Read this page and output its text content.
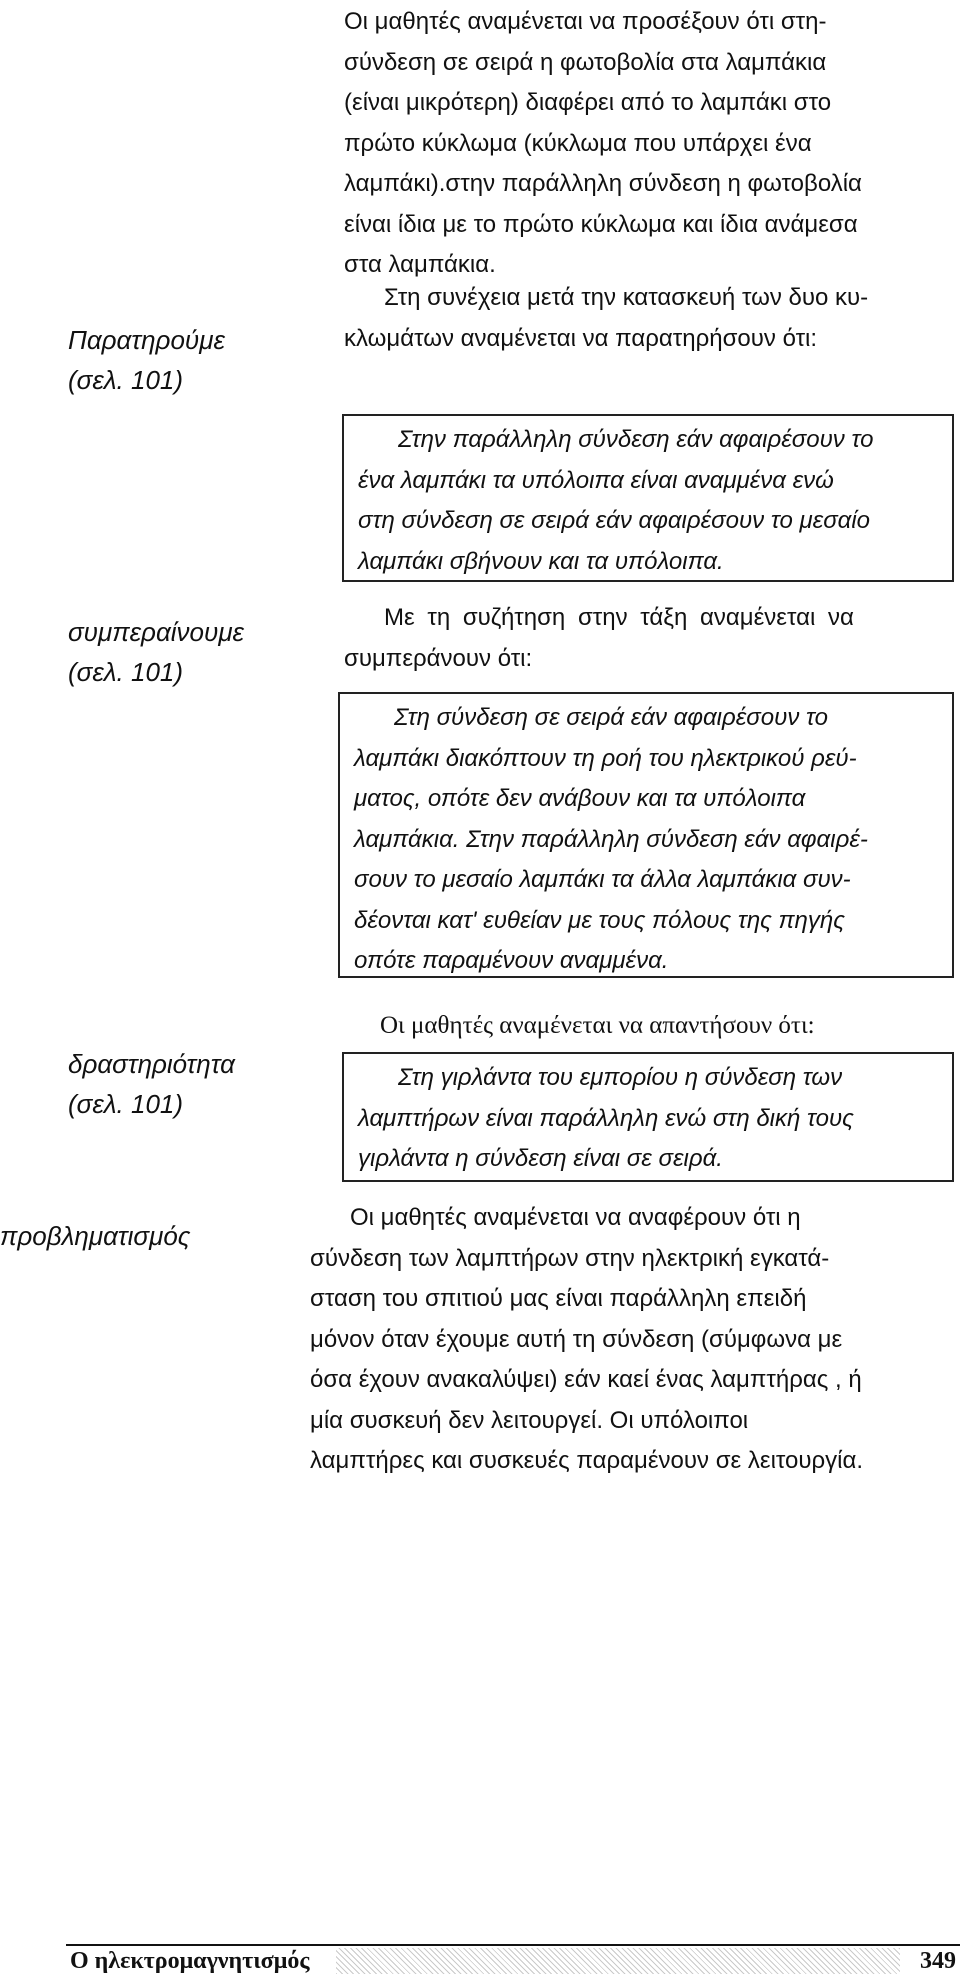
Παρατηρούμε
(σελ. 101)
συμπεραίνουμε
(σελ. 101)
δραστηριότητα
(σελ. 101)
προβληματισμός
Οι μαθητές αναμένεται να προσέξουν ότι στη-
σύνδεση σε σειρά η φωτοβολία στα λαμπάκια
(είναι μικρότερη) διαφέρει από το λαμπάκι στο
πρώτο κύκλωμα (κύκλωμα που υπάρχει ένα
λαμπάκι).στην παράλληλη σύνδεση η φωτοβολία
είναι ίδια με το πρώτο κύκλωμα και ίδια ανάμεσα
στα λαμπάκια.
Στη συνέχεια μετά την κατασκευή των δυο κυ-
κλωμάτων αναμένεται να παρατηρήσουν ότι:
Στην παράλληλη σύνδεση εάν αφαιρέσουν το
ένα λαμπάκι τα υπόλοιπα είναι αναμμένα ενώ
στη σύνδεση σε σειρά εάν αφαιρέσουν το μεσαίο
λαμπάκι σβήνουν και τα υπόλοιπα.
Με τη συζήτηση στην τάξη αναμένεται να
συμπεράνουν ότι:
Στη σύνδεση σε σειρά εάν αφαιρέσουν το
λαμπάκι διακόπτουν τη ροή του ηλεκτρικού ρεύ-
ματος, οπότε δεν ανάβουν και τα υπόλοιπα
λαμπάκια. Στην παράλληλη σύνδεση εάν αφαιρέ-
σουν το μεσαίο λαμπάκι τα άλλα λαμπάκια συν-
δέονται κατ' ευθείαν με τους πόλους της πηγής
οπότε παραμένουν αναμμένα.
Οι μαθητές αναμένεται να απαντήσουν ότι:
Στη γιρλάντα του εμπορίου η σύνδεση των
λαμπτήρων είναι παράλληλη ενώ στη δική τους
γιρλάντα η σύνδεση είναι σε σειρά.
Οι μαθητές αναμένεται να αναφέρουν ότι η
σύνδεση των λαμπτήρων στην ηλεκτρική εγκατά-
σταση του σπιτιού μας είναι παράλληλη επειδή
μόνον όταν έχουμε αυτή τη σύνδεση (σύμφωνα με
όσα έχουν ανακαλύψει) εάν καεί ένας λαμπτήρας , ή
μία συσκευή δεν λειτουργεί. Οι υπόλοιποι
λαμπτήρες και συσκευές παραμένουν σε λειτουργία.
Ο ηλεκτρομαγνητισμός	349
